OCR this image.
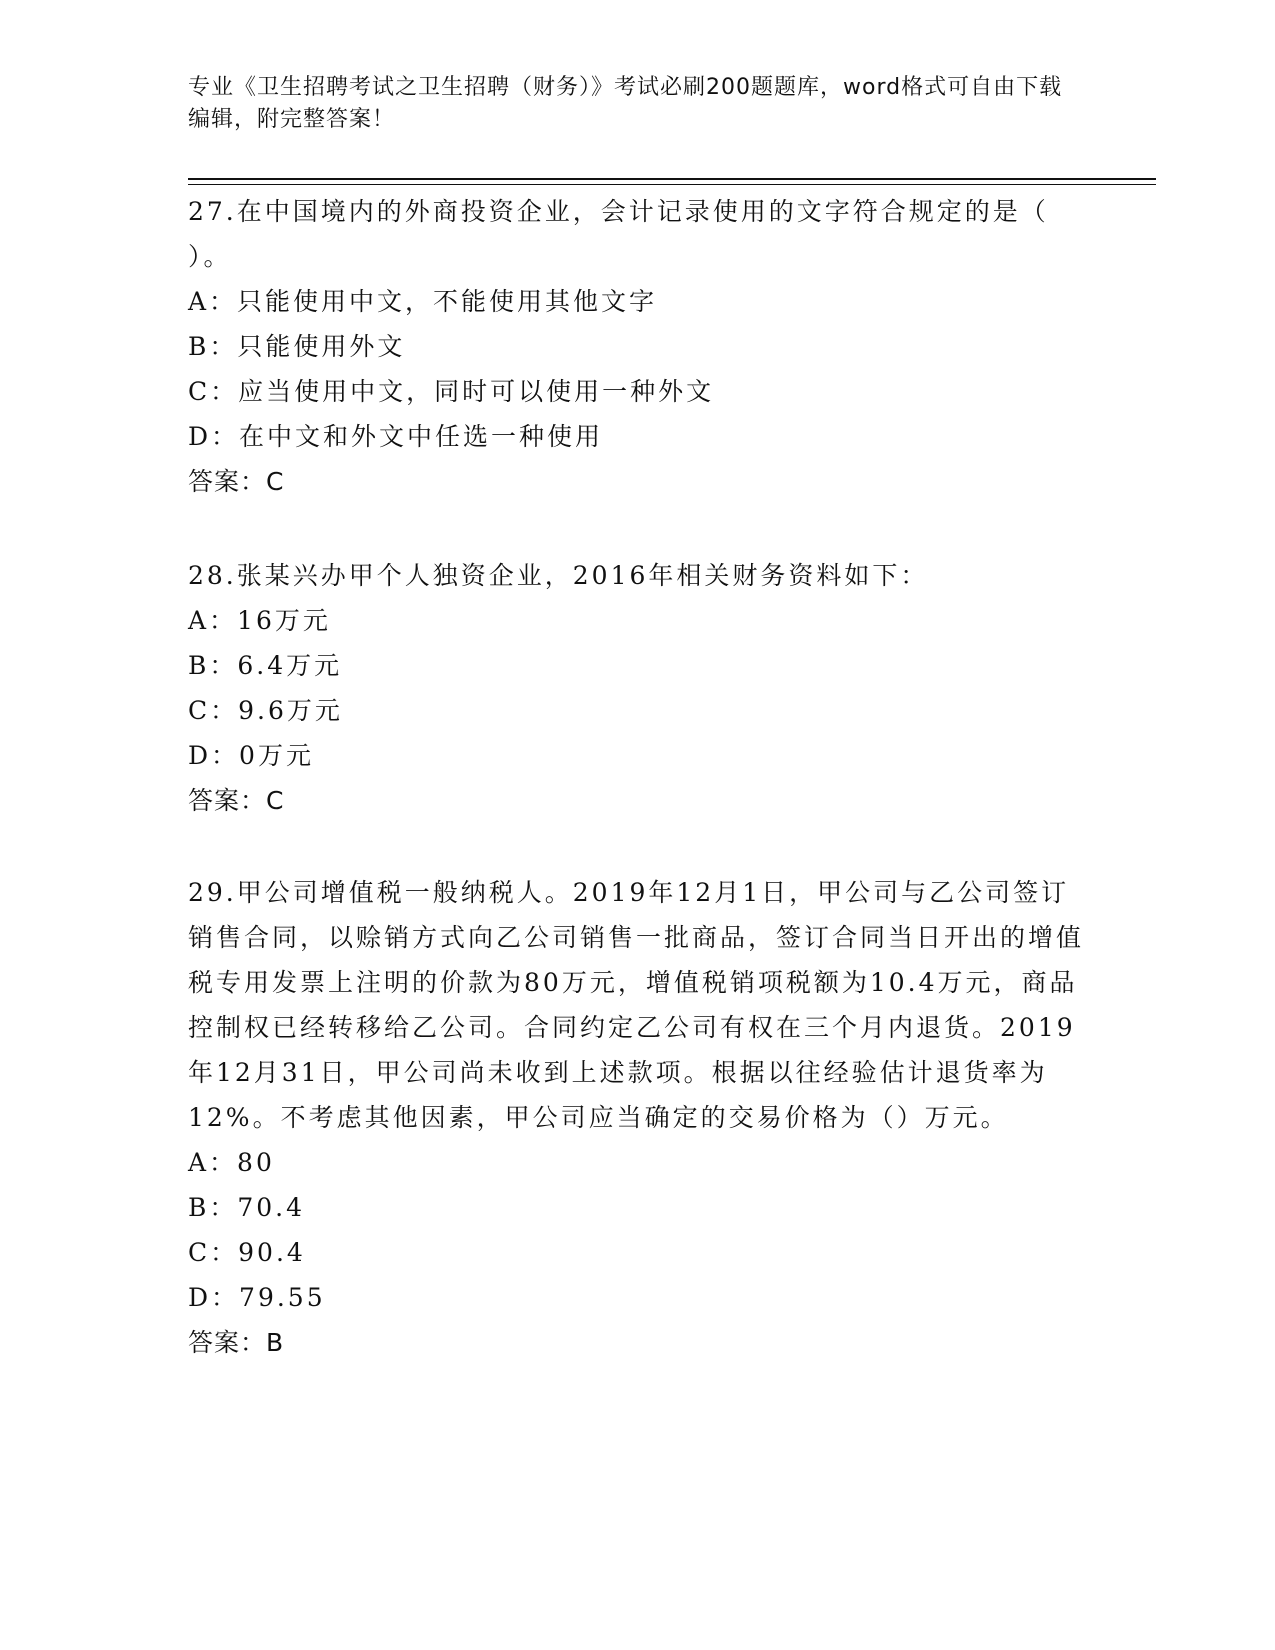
专业《卫生招聘考试之卫生招聘（财务）》考试必刷200题题库，word格式可自由下载编辑，附完整答案！

27.在中国境内的外商投资企业，会计记录使用的文字符合规定的是（ ）。

A：只能使用中文，不能使用其他文字
B：只能使用外文
C：应当使用中文，同时可以使用一种外文
D：在中文和外文中任选一种使用

答案：C

28.张某兴办甲个人独资企业，2016年相关财务资料如下：

A：16万元
B：6.4万元
C：9.6万元
D：0万元

答案：C

29.甲公司增值税一般纳税人。2019年12月1日，甲公司与乙公司签订销售合同，以赊销方式向乙公司销售一批商品，签订合同当日开出的增值税专用发票上注明的价款为80万元，增值税销项税额为10.4万元，商品控制权已经转移给乙公司。合同约定乙公司有权在三个月内退货。2019年12月31日，甲公司尚未收到上述款项。根据以往经验估计退货率为12%。不考虑其他因素，甲公司应当确定的交易价格为（）万元。

A：80
B：70.4
C：90.4
D：79.55

答案：B
